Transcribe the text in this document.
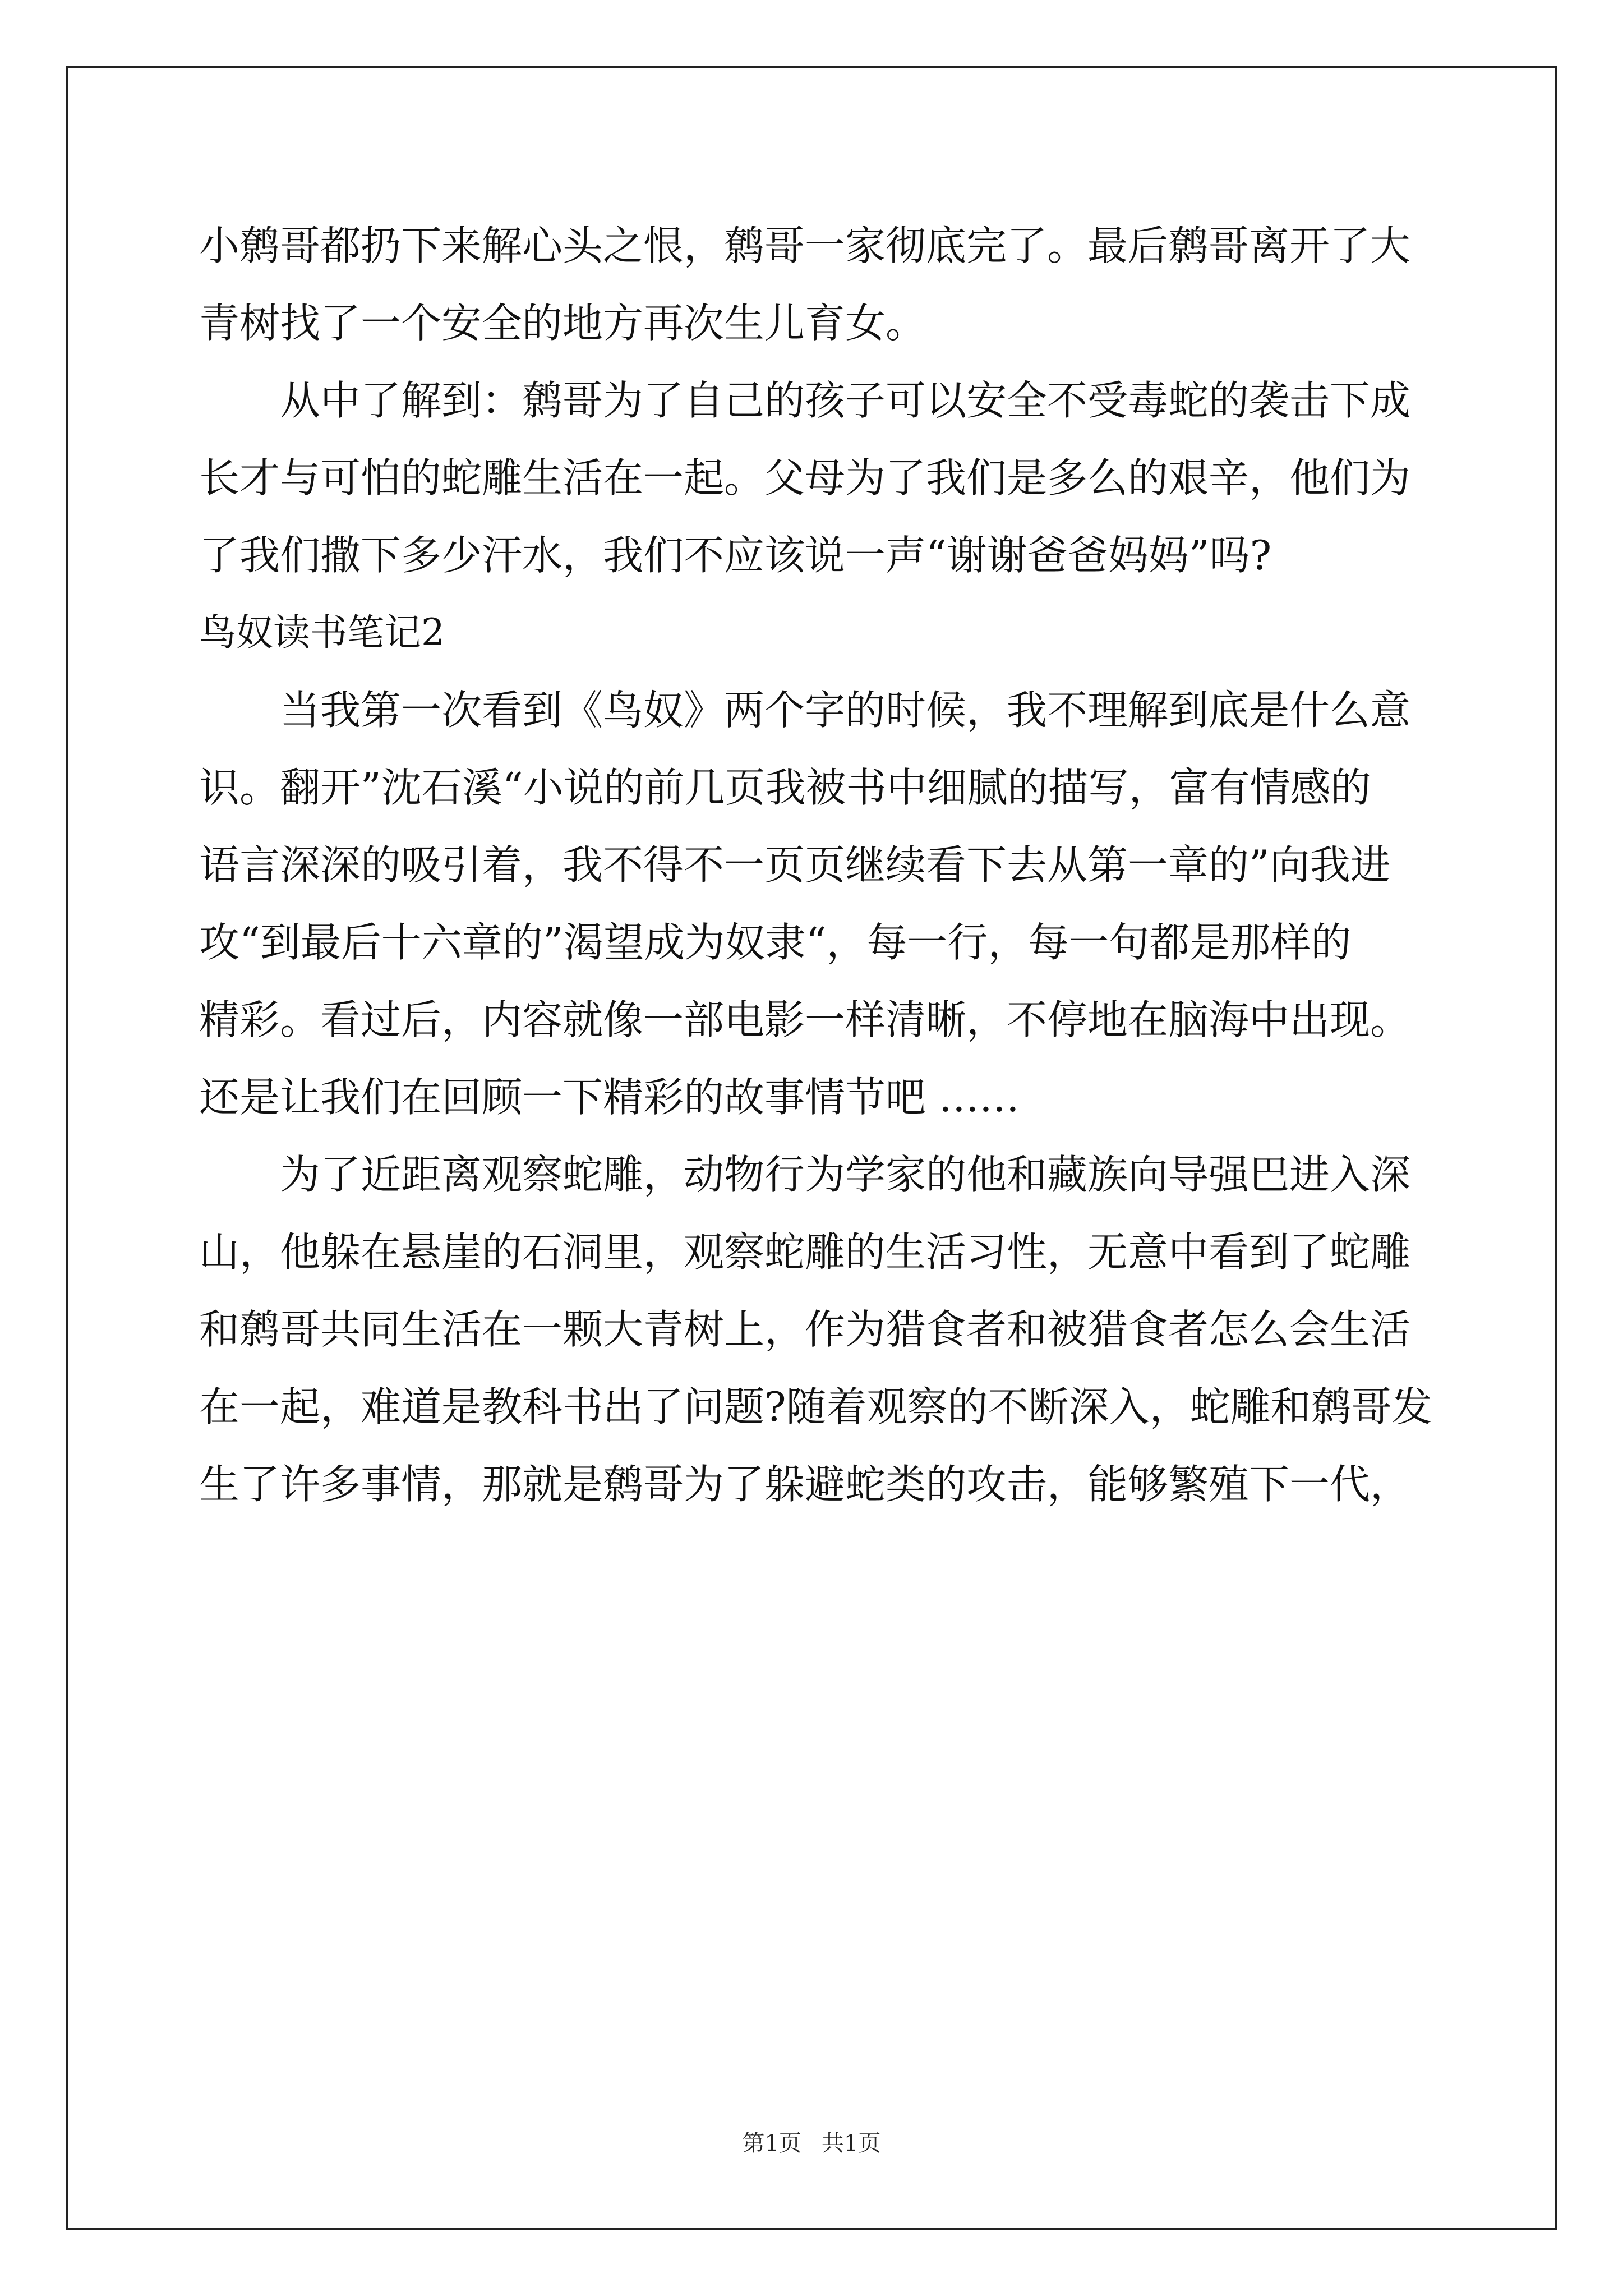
小鹩哥都扔下来解心头之恨，鹩哥一家彻底完了。最后鹩哥离开了大

青树找了一个安全的地方再次生儿育女。

从中了解到：鹩哥为了自己的孩子可以安全不受毒蛇的袭击下成

长才与可怕的蛇雕生活在一起。父母为了我们是多么的艰辛，他们为

了我们撒下多少汗水，我们不应该说一声“谢谢爸爸妈妈”吗?

鸟奴读书笔记2

当我第一次看到《鸟奴》两个字的时候，我不理解到底是什么意

识。翻开”沈石溪“小说的前几页我被书中细腻的描写，富有情感的

语言深深的吸引着，我不得不一页页继续看下去从第一章的”向我进

攻“到最后十六章的”渴望成为奴隶“，每一行，每一句都是那样的

精彩。看过后，内容就像一部电影一样清晰，不停地在脑海中出现。

还是让我们在回顾一下精彩的故事情节吧 ……

为了近距离观察蛇雕，动物行为学家的他和藏族向导强巴进入深

山，他躲在悬崖的石洞里，观察蛇雕的生活习性，无意中看到了蛇雕

和鹩哥共同生活在一颗大青树上，作为猎食者和被猎食者怎么会生活

在一起，难道是教科书出了问题?随着观察的不断深入，蛇雕和鹩哥发

生了许多事情，那就是鹩哥为了躲避蛇类的攻击，能够繁殖下一代，

第1页 共1页
